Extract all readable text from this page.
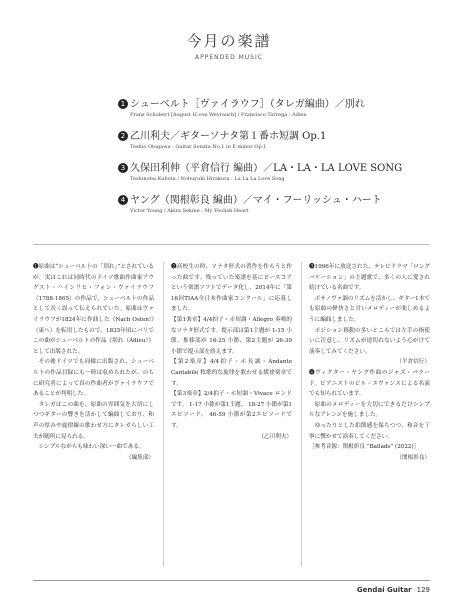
今月の楽譜
APPENDED MUSIC
1 シューベルト［ヴァイラウフ］（タレガ編曲）／別れ
Franz Schubert [August H.von Weyrauch] / Francisco Tárrega : Adieu
2 乙川利夫／ギターソナタ第１番ホ短調 Op.1
Toshio Otogawa : Guitar Sonata No.1 in E minor Op.1
3 久保田利伸（平倉信行 編曲）／LA・LA・LA LOVE SONG
Toshinobu Kubota / Nobuyuki Hirakura : La La La Love Song
4 ヤング（関根彰良 編曲）／マイ・フーリッシュ・ハート
Victor Young / Akira Sekine : My Foolish Heart

❶原曲は“シューベルトの「別れ」”とされているが、実はこれは同時代のドイツ歌曲作曲家アウグスト・ハインリヒ・フォン・ヴァイラウフ（1788-1865）の作品で、シューベルトの作品として長く誤って伝えられていた。原曲はヴァイラウフが1824年に作曲した《Nach Osten!》（東へ）を転用したもので、1835年頃にパリでこの曲がシューベルトの作品《別れ（Adieu）》として出版された。

その後ドイツでも同様に出版され、シューベルトの作品目録にも一時は収められたが、のちに研究者によって真の作曲者がヴァイラウフであることが判明した。

タレガはこの曲を、原曲の雰囲気を大切にしつつギターの響きを活かして編曲しており、和声の厚みや旋律線の歌わせ方にタレガらしい工夫が随所に見られる。

シンプルながらも味わい深い一曲である。

（編集部）

❷高校生の時、ソナタ形式の習作を作ろうと作った曲です。残っていた楽譜を基にピースコアという楽譜ソフトでデータ化し、2014年に「第16回TIAA全日本作曲家コンクール」に応募しました。

【第1楽章】4/4拍子・ホ短調・Allegro 奏鳴的なソナタ形式です。提示部は第1主題が 1-15 小節、推移部が 16-25 小節、第2主題が 26-39 小節で提示部を終えます。

【第2楽章】4/4拍子・ホ長調・Andante Cantabile 牧歌的な旋律を歌わせる緩徐楽章です。

【第3楽章】2/4拍子・ホ短調・Vivace ロンドです。 1-17 小節が第1主題、 18-27 小節が第1エピソード、 46-59 小節が第2エピソードです。

（乙川利夫）

❸1996年に放送された、テレビドラマ「ロングバケーション」の主題歌で、多くの人に愛され続けている名曲です。

ボサノヴァ調のリズムを活かし、ギター1本でも原曲の軽快さと甘いメロディーが楽しめるように編曲しました。

ポジション移動の多いところでは左手の指使いに注意し、リズムが途切れないよう心がけて演奏してみてください。

（平倉信行）

❹ヴィクター・ヤング作曲のジャズ・バラード。ピアニストのビル・エヴァンスによる名演でも知られています。

原曲のメロディーを大切にできるだけシンプルなアレンジを施しました。

ゆったりとした拍節感を保ちつつ、和音を丁寧に響かせて演奏してください。

［参考音源：関根彰良 “Ballads” (2022)］

（関根彰良）

Gendai Guitar 129
